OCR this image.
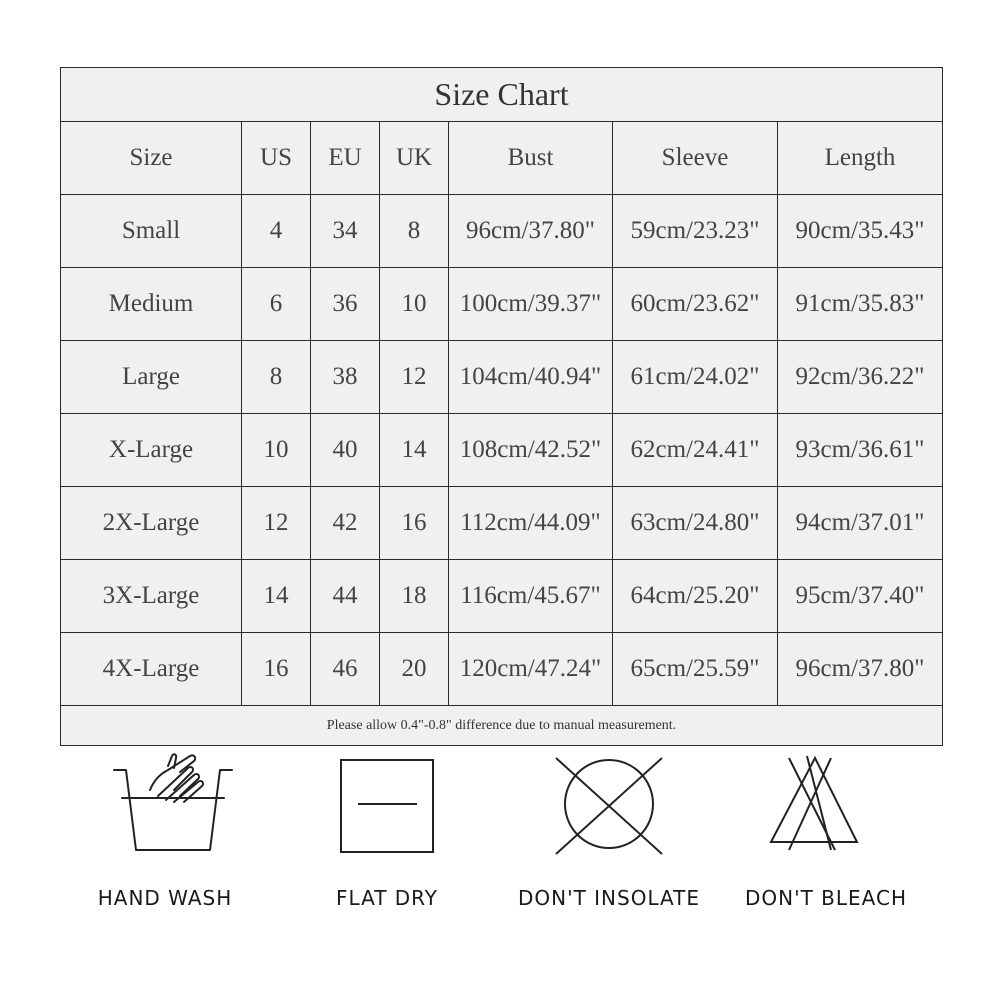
Size Chart						
Size	US	EU	UK	Bust	Sleeve	Length
Small	4	34	8	96cm/37.80"	59cm/23.23"	90cm/35.43"
Medium	6	36	10	100cm/39.37"	60cm/23.62"	91cm/35.83"
Large	8	38	12	104cm/40.94"	61cm/24.02"	92cm/36.22"
X-Large	10	40	14	108cm/42.52"	62cm/24.41"	93cm/36.61"
2X-Large	12	42	16	112cm/44.09"	63cm/24.80"	94cm/37.01"
3X-Large	14	44	18	116cm/45.67"	64cm/25.20"	95cm/37.40"
4X-Large	16	46	20	120cm/47.24"	65cm/25.59"	96cm/37.80"
Please allow 0.4"-0.8" difference due to manual measurement.						
HAND WASH	FLAT DRY	DON'T INSOLATE	DON'T BLEACH
